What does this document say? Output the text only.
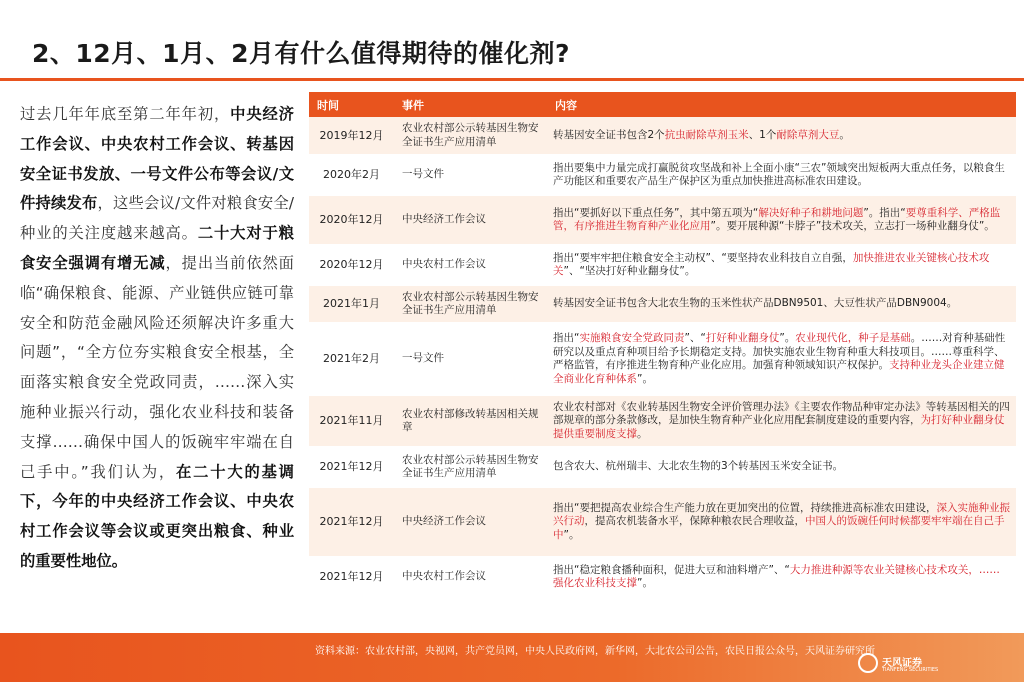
2、12月、1月、2月有什么值得期待的催化剂?
过去几年年底至第二年年初，中央经济工作会议、中央农村工作会议、转基因安全证书发放、一号文件公布等会议/文件持续发布，这些会议/文件对粮食安全/种业的关注度越来越高。二十大对于粮食安全强调有增无减，提出当前依然面临“确保粮食、能源、产业链供应链可靠安全和防范金融风险还须解决许多重大问题”，“全方位夯实粮食安全根基，全面落实粮食安全党政同责，……深入实施种业振兴行动，强化农业科技和装备支撑……确保中国人的饭碗牢牢端在自己手中。”我们认为，在二十大的基调下，今年的中央经济工作会议、中央农村工作会议等会议或更突出粮食、种业的重要性地位。
时间	事件	内容
2019年12月	农业农村部公示转基因生物安全证书生产应用清单	转基因安全证书包含2个抗虫耐除草剂玉米、1个耐除草剂大豆。
2020年2月	一号文件	指出要集中力量完成打赢脱贫攻坚战和补上全面小康“三农”领域突出短板两大重点任务，以粮食生产功能区和重要农产品生产保护区为重点加快推进高标准农田建设。
2020年12月	中央经济工作会议	指出“要抓好以下重点任务”，其中第五项为“解决好种子和耕地问题”。指出“要尊重科学、严格监管，有序推进生物育种产业化应用”。要开展种源“卡脖子”技术攻关，立志打一场种业翻身仗”。
2020年12月	中央农村工作会议	指出“要牢牢把住粮食安全主动权”、“要坚持农业科技自立自强，加快推进农业关键核心技术攻关”、“坚决打好种业翻身仗”。
2021年1月	农业农村部公示转基因生物安全证书生产应用清单	转基因安全证书包含大北农生物的玉米性状产品DBN9501、大豆性状产品DBN9004。
2021年2月	一号文件	指出“实施粮食安全党政同责”、“打好种业翻身仗”。农业现代化，种子是基础。……对育种基础性研究以及重点育种项目给予长期稳定支持。加快实施农业生物育种重大科技项目。……尊重科学、严格监管，有序推进生物育种产业化应用。加强育种领域知识产权保护。支持种业龙头企业建立健全商业化育种体系”。
2021年11月	农业农村部修改转基因相关规章	农业农村部对《农业转基因生物安全评价管理办法》《主要农作物品种审定办法》等转基因相关的四部规章的部分条款修改，是加快生物育种产业化应用配套制度建设的重要内容，为打好种业翻身仗提供重要制度支撑。
2021年12月	农业农村部公示转基因生物安全证书生产应用清单	包含农大、杭州瑞丰、大北农生物的3个转基因玉米安全证书。
2021年12月	中央经济工作会议	指出“要把提高农业综合生产能力放在更加突出的位置，持续推进高标准农田建设，深入实施种业振兴行动，提高农机装备水平，保障种粮农民合理收益，中国人的饭碗任何时候都要牢牢端在自己手中”。
2021年12月	中央农村工作会议	指出“稳定粮食播种面积，促进大豆和油料增产”、“大力推进种源等农业关键核心技术攻关，……强化农业科技支撑”。
资料来源：农业农村部，央视网，共产党员网，中央人民政府网，新华网，大北农公司公告，农民日报公众号，天风证券研究所
天风证券
TIANFENG SECURITIES
